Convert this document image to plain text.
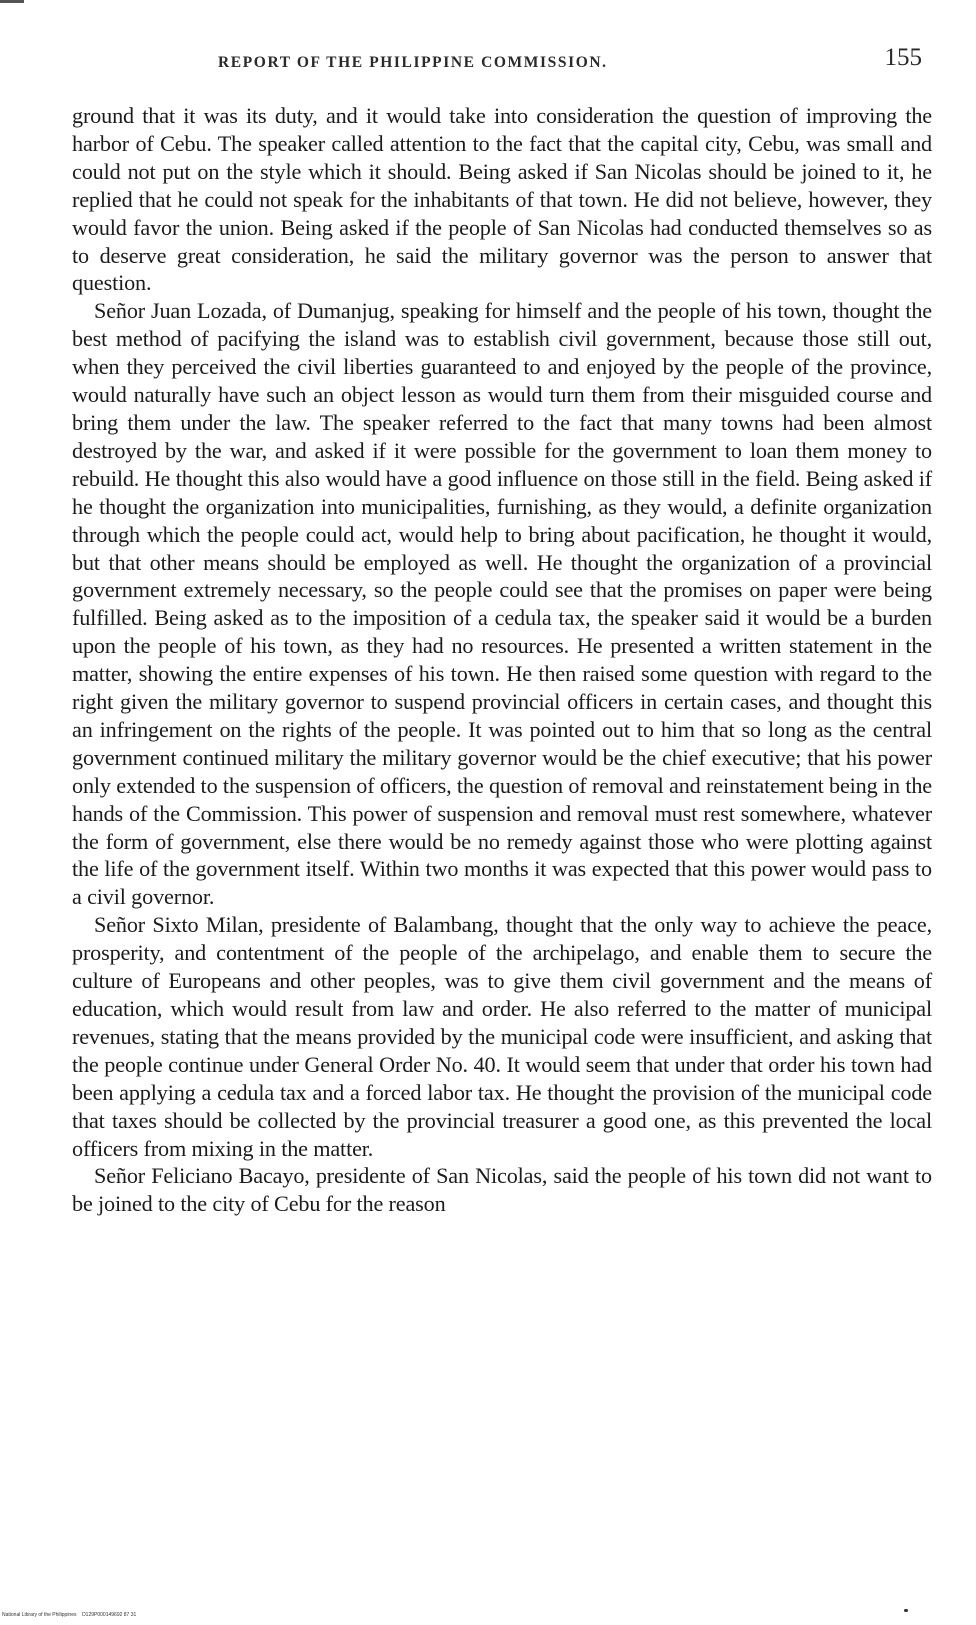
REPORT OF THE PHILIPPINE COMMISSION.	155

ground that it was its duty, and it would take into consideration the question of improving the harbor of Cebu. The speaker called attention to the fact that the capital city, Cebu, was small and could not put on the style which it should. Being asked if San Nicolas should be joined to it, he replied that he could not speak for the inhabitants of that town. He did not believe, however, they would favor the union. Being asked if the people of San Nicolas had conducted themselves so as to deserve great consideration, he said the military governor was the person to answer that question.

Señor Juan Lozada, of Dumanjug, speaking for himself and the people of his town, thought the best method of pacifying the island was to establish civil government, because those still out, when they perceived the civil liberties guaranteed to and enjoyed by the people of the province, would naturally have such an object lesson as would turn them from their misguided course and bring them under the law. The speaker referred to the fact that many towns had been almost destroyed by the war, and asked if it were possible for the government to loan them money to rebuild. He thought this also would have a good influence on those still in the field. Being asked if he thought the organization into municipalities, furnishing, as they would, a definite organization through which the people could act, would help to bring about pacification, he thought it would, but that other means should be employed as well. He thought the organization of a provincial government extremely necessary, so the people could see that the promises on paper were being fulfilled. Being asked as to the imposition of a cedula tax, the speaker said it would be a burden upon the people of his town, as they had no resources. He presented a written statement in the matter, showing the entire expenses of his town. He then raised some question with regard to the right given the military governor to suspend provincial officers in certain cases, and thought this an infringement on the rights of the people. It was pointed out to him that so long as the central government continued military the military governor would be the chief executive; that his power only extended to the suspension of officers, the question of removal and reinstatement being in the hands of the Commission. This power of suspension and removal must rest somewhere, whatever the form of government, else there would be no remedy against those who were plotting against the life of the government itself. Within two months it was expected that this power would pass to a civil governor.

Señor Sixto Milan, presidente of Balambang, thought that the only way to achieve the peace, prosperity, and contentment of the people of the archipelago, and enable them to secure the culture of Europeans and other peoples, was to give them civil government and the means of education, which would result from law and order. He also referred to the matter of municipal revenues, stating that the means provided by the municipal code were insufficient, and asking that the people continue under General Order No. 40. It would seem that under that order his town had been applying a cedula tax and a forced labor tax. He thought the provision of the municipal code that taxes should be collected by the provincial treasurer a good one, as this prevented the local officers from mixing in the matter.

Señor Feliciano Bacayo, presidente of San Nicolas, said the people of his town did not want to be joined to the city of Cebu for the reason

National Library of the Philippines D129P000149692 87 31
